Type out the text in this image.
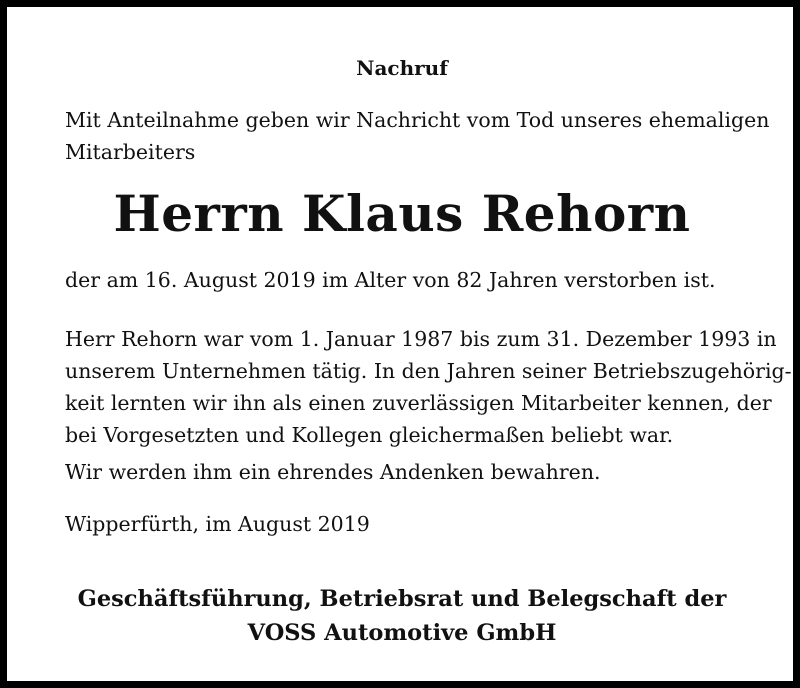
Nachruf
Mit Anteilnahme geben wir Nachricht vom Tod unseres ehemaligen
Mitarbeiters
Herrn Klaus Rehorn
der am 16. August 2019 im Alter von 82 Jahren verstorben ist.
Herr Rehorn war vom 1. Januar 1987 bis zum 31. Dezember 1993 in
unserem Unternehmen tätig. In den Jahren seiner Betriebszugehörig-
keit lernten wir ihn als einen zuverlässigen Mitarbeiter kennen, der
bei Vorgesetzten und Kollegen gleichermaßen beliebt war.
Wir werden ihm ein ehrendes Andenken bewahren.
Wipperfürth, im August 2019
Geschäftsführung, Betriebsrat und Belegschaft der
VOSS Automotive GmbH
